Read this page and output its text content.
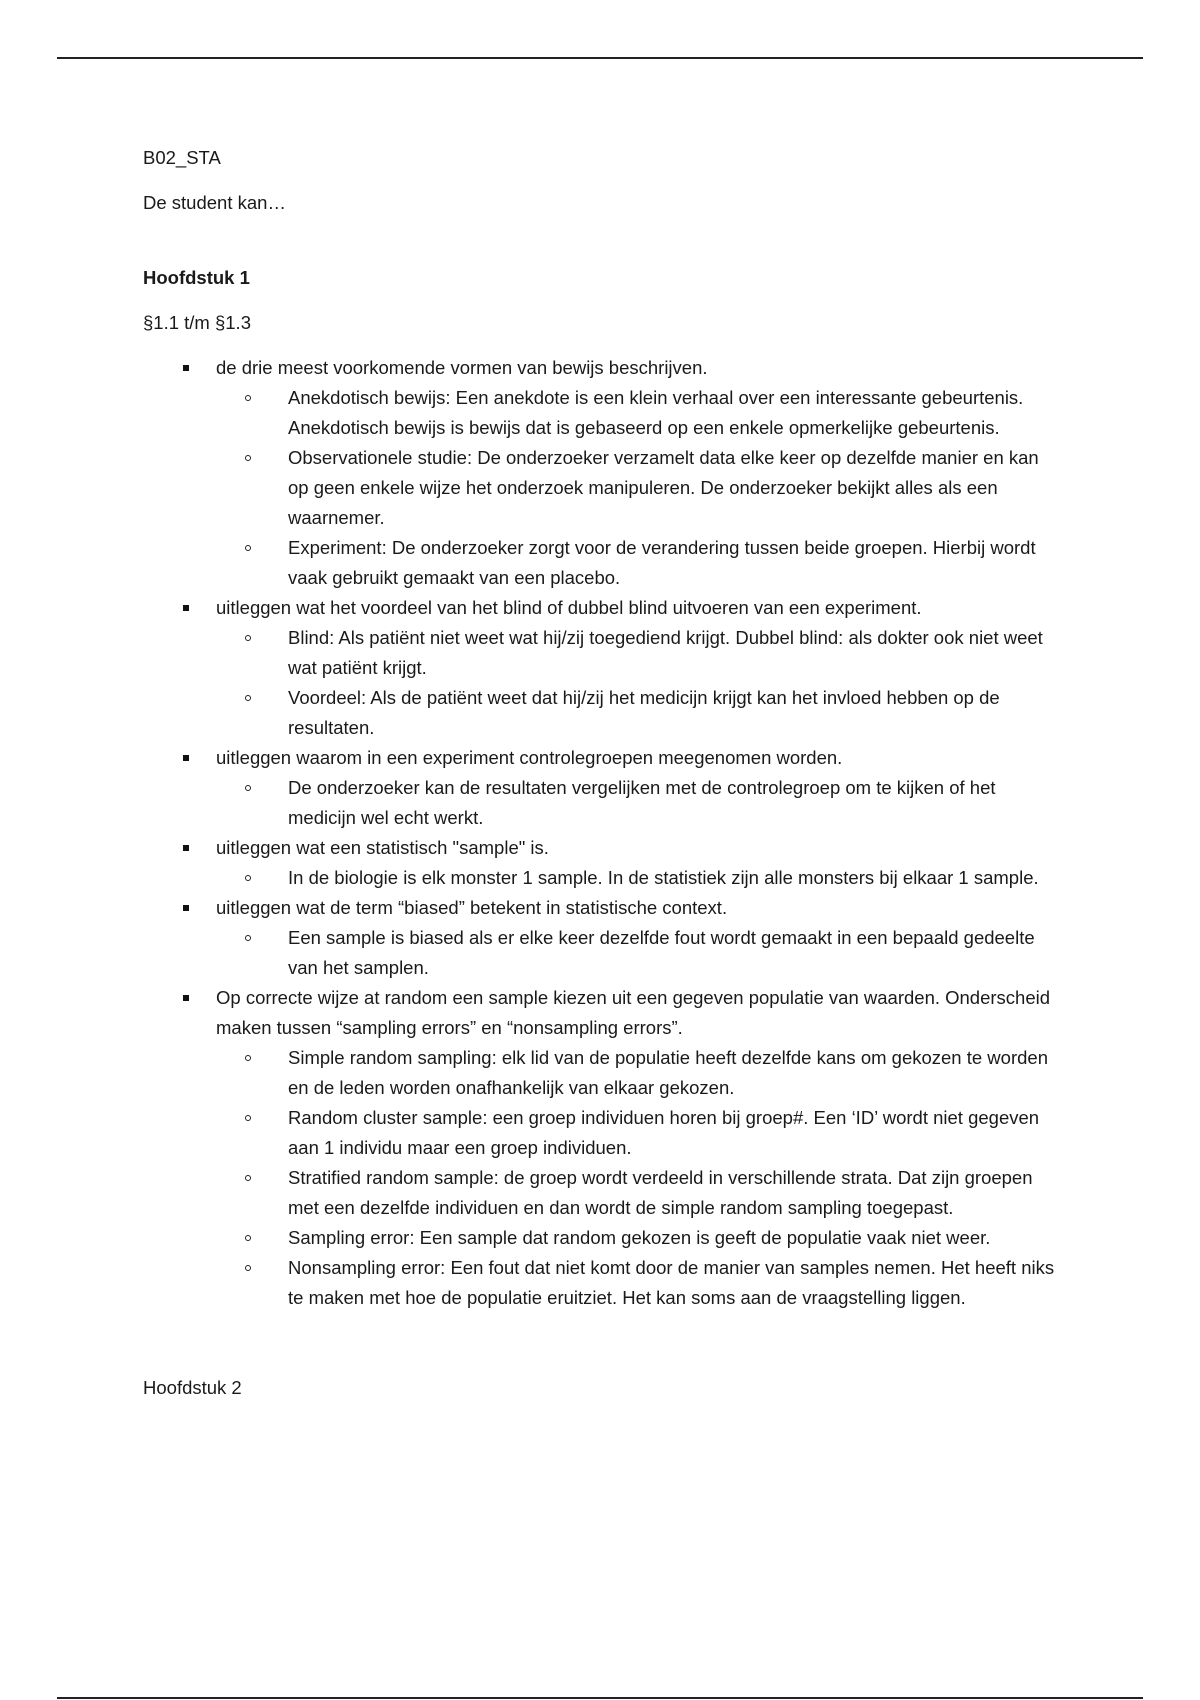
B02_STA

De student kan…

Hoofdstuk 1

§1.1 t/m §1.3

de drie meest voorkomende vormen van bewijs beschrijven.
Anekdotisch bewijs: Een anekdote is een klein verhaal over een interessante gebeurtenis. Anekdotisch bewijs is bewijs dat is gebaseerd op een enkele opmerkelijke gebeurtenis.
Observationele studie: De onderzoeker verzamelt data elke keer op dezelfde manier en kan op geen enkele wijze het onderzoek manipuleren. De onderzoeker bekijkt alles als een waarnemer.
Experiment: De onderzoeker zorgt voor de verandering tussen beide groepen. Hierbij wordt vaak gebruikt gemaakt van een placebo.
uitleggen wat het voordeel van het blind of dubbel blind uitvoeren van een experiment.
Blind: Als patiënt niet weet wat hij/zij toegediend krijgt. Dubbel blind: als dokter ook niet weet wat patiënt krijgt.
Voordeel: Als de patiënt weet dat hij/zij het medicijn krijgt kan het invloed hebben op de resultaten.
uitleggen waarom in een experiment controlegroepen meegenomen worden.
De onderzoeker kan de resultaten vergelijken met de controlegroep om te kijken of het medicijn wel echt werkt.
uitleggen wat een statistisch "sample" is.
In de biologie is elk monster 1 sample. In de statistiek zijn alle monsters bij elkaar 1 sample.
uitleggen wat de term “biased” betekent in statistische context.
Een sample is biased als er elke keer dezelfde fout wordt gemaakt in een bepaald gedeelte van het samplen.
Op correcte wijze at random een sample kiezen uit een gegeven populatie van waarden. Onderscheid maken tussen “sampling errors” en “nonsampling errors”.
Simple random sampling: elk lid van de populatie heeft dezelfde kans om gekozen te worden en de leden worden onafhankelijk van elkaar gekozen.
Random cluster sample: een groep individuen horen bij groep#. Een ‘ID’ wordt niet gegeven aan 1 individu maar een groep individuen.
Stratified random sample: de groep wordt verdeeld in verschillende strata. Dat zijn groepen met een dezelfde individuen en dan wordt de simple random sampling toegepast.
Sampling error: Een sample dat random gekozen is geeft de populatie vaak niet weer.
Nonsampling error: Een fout dat niet komt door de manier van samples nemen. Het heeft niks te maken met hoe de populatie eruitziet. Het kan soms aan de vraagstelling liggen.

Hoofdstuk 2
